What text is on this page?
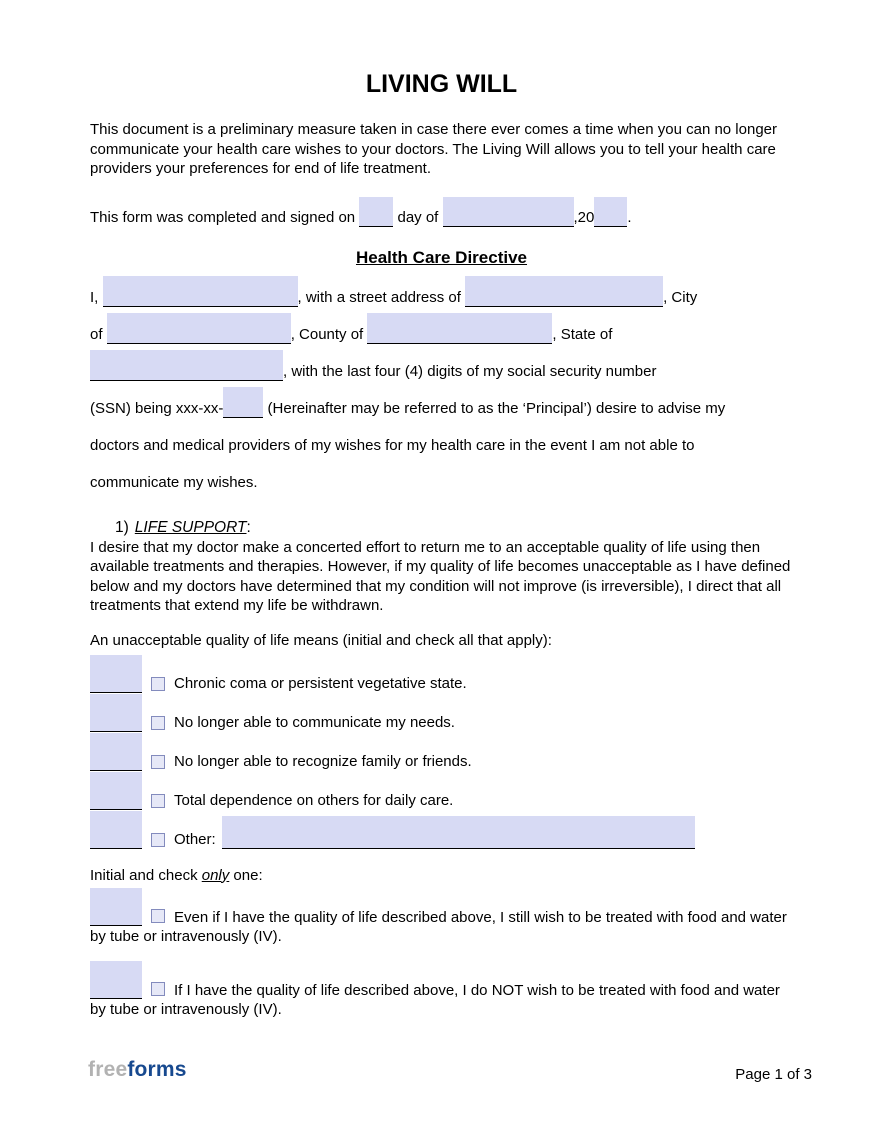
LIVING WILL

This document is a preliminary measure taken in case there ever comes a time when you can no longer communicate your health care wishes to your doctors. The Living Will allows you to tell your health care providers your preferences for end of life treatment.

This form was completed and signed on day of	,20 .
Health Care Directive
I,	, with a street address of	, City
of	, County of	, State of
, with the last four (4) digits of my social security number
(SSN) being xxx-xx-	(Hereinafter may be referred to as the ‘Principal’) desire to advise my
doctors and medical providers of my wishes for my health care in the event I am not able to
communicate my wishes.
1) LIFE SUPPORT:

I desire that my doctor make a concerted effort to return me to an acceptable quality of life using then available treatments and therapies. However, if my quality of life becomes unacceptable as I have defined below and my doctors have determined that my condition will not improve (is irreversible), I direct that all treatments that extend my life be withdrawn.

An unacceptable quality of life means (initial and check all that apply):
Chronic coma or persistent vegetative state.
No longer able to communicate my needs.
No longer able to recognize family or friends.
Total dependence on others for daily care.
Other:
Initial and check only one:
Even if I have the quality of life described above, I still wish to be treated with food and water by tube or intravenously (IV).
If I have the quality of life described above, I do NOT wish to be treated with food and water by tube or intravenously (IV).
freeforms	Page 1 of 3
